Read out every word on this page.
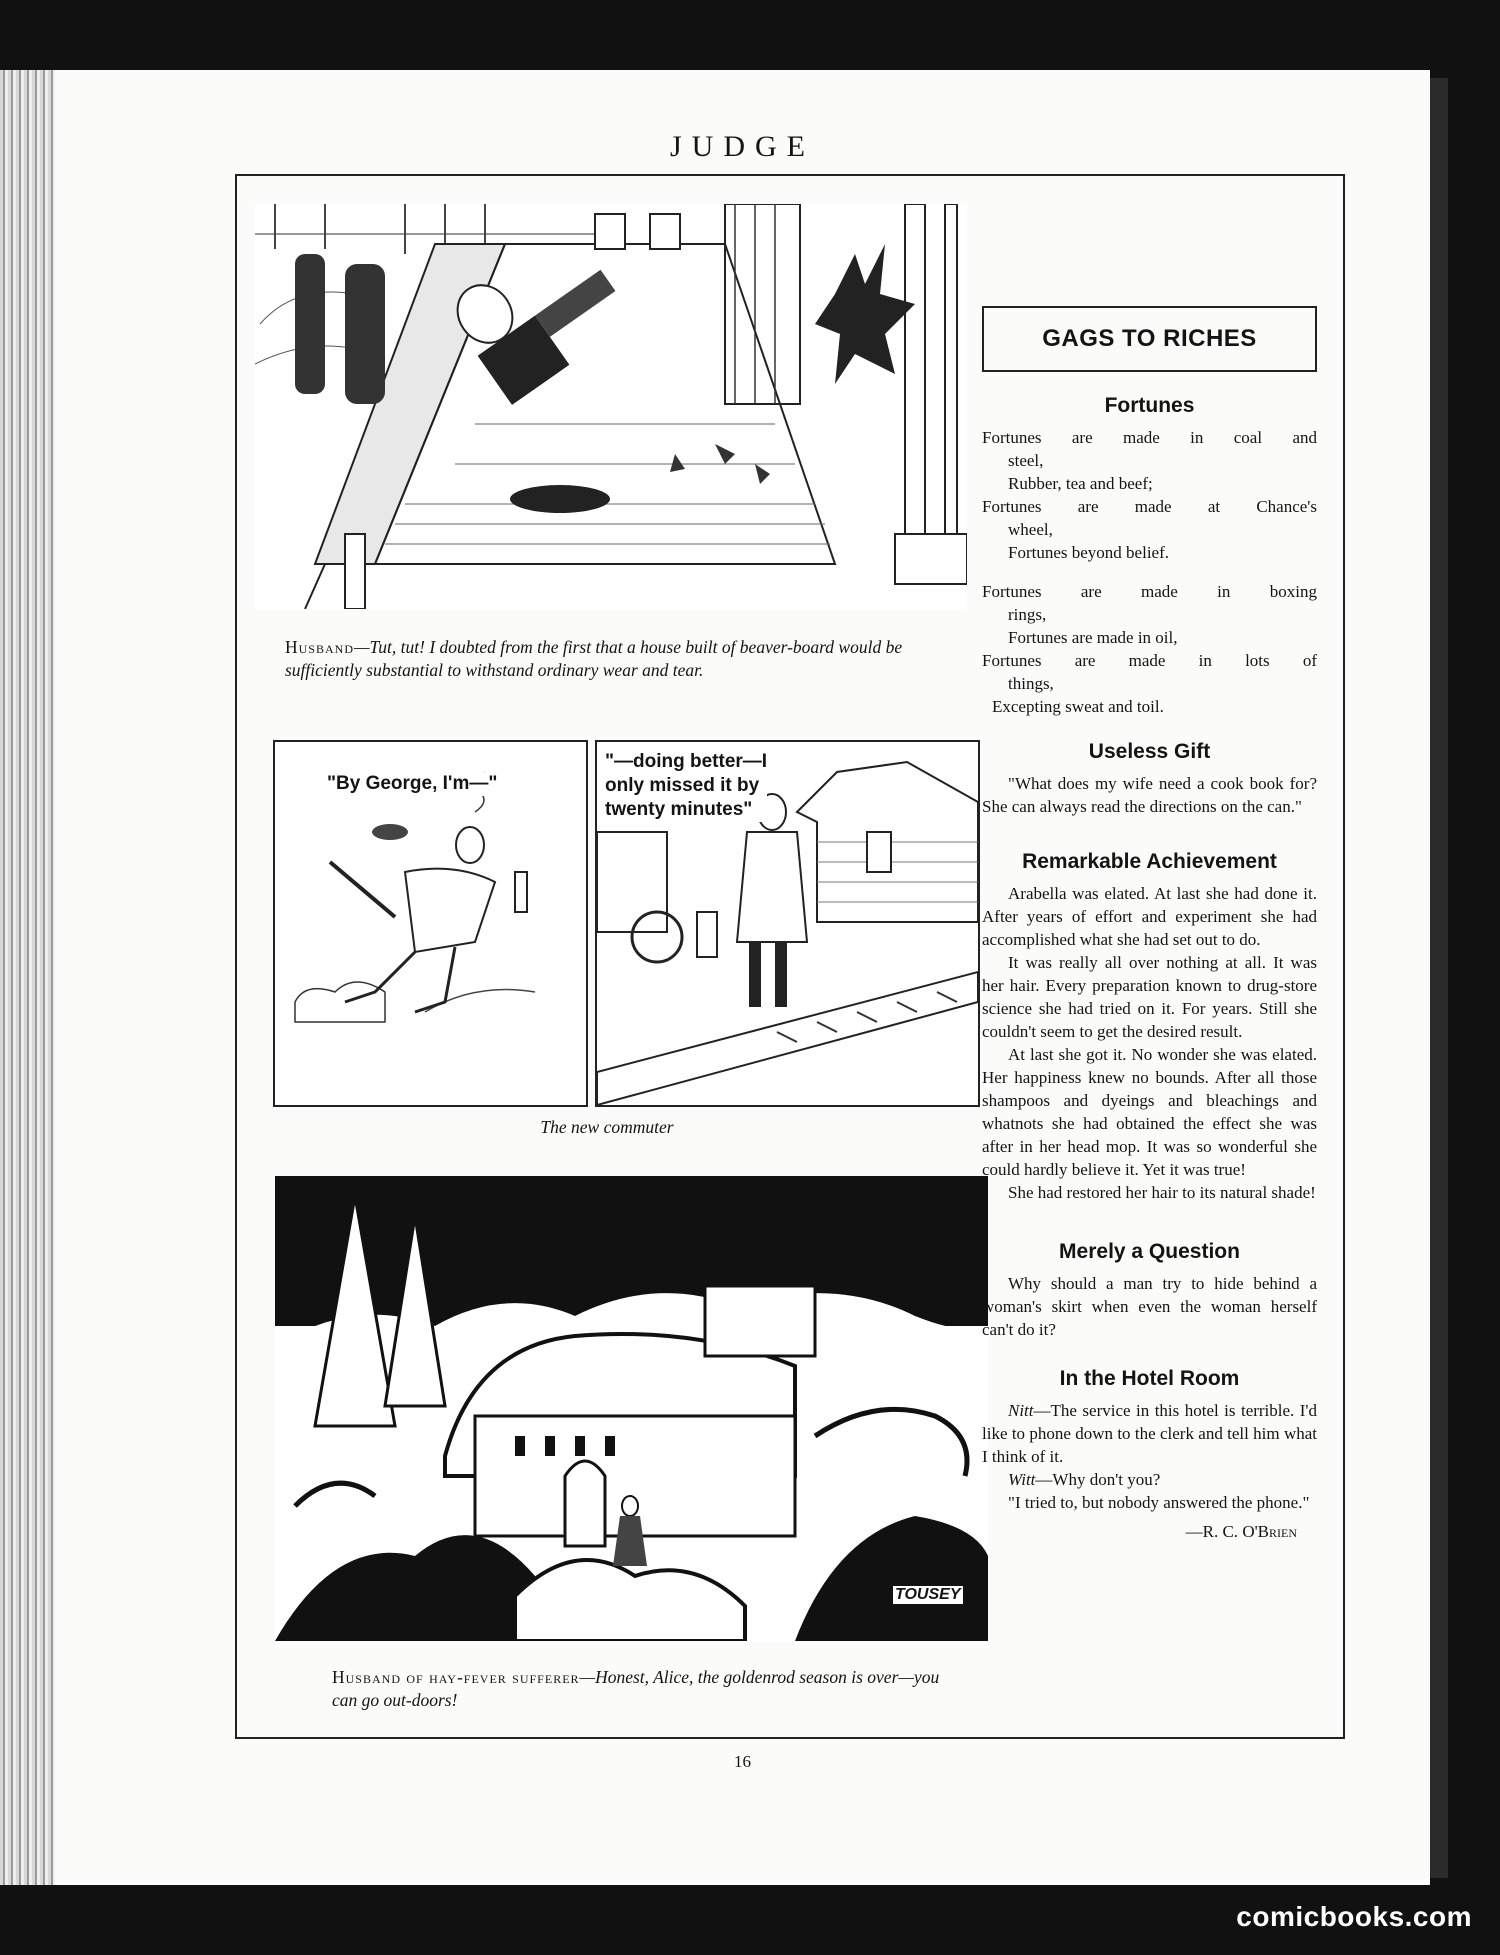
JUDGE
Husband—Tut, tut! I doubted from the first that a house built of beaver-board would be sufficiently substantial to withstand ordinary wear and tear.
"By George, I'm—"
"—doing better—I
only missed it by
twenty minutes"
The new commuter
TOUSEY
Husband of hay-fever sufferer—Honest, Alice, the goldenrod season is over—you can go out-doors!
GAGS TO RICHES
Fortunes
Fortunes are made in coal and
steel,
Rubber, tea and beef;
Fortunes are made at Chance's
wheel,
Fortunes beyond belief.
Fortunes are made in boxing
rings,
Fortunes are made in oil,
Fortunes are made in lots of
things,
Excepting sweat and toil.
Useless Gift

"What does my wife need a cook book for? She can always read the directions on the can."

Remarkable Achievement

Arabella was elated. At last she had done it. After years of effort and experiment she had accomplished what she had set out to do.

It was really all over nothing at all. It was her hair. Every preparation known to drug-store science she had tried on it. For years. Still she couldn't seem to get the desired result.

At last she got it. No wonder she was elated. Her happiness knew no bounds. After all those shampoos and dyeings and bleachings and whatnots she had obtained the effect she was after in her head mop. It was so wonderful she could hardly believe it. Yet it was true!

She had restored her hair to its natural shade!

Merely a Question

Why should a man try to hide behind a woman's skirt when even the woman herself can't do it?

In the Hotel Room

Nitt—The service in this hotel is terrible. I'd like to phone down to the clerk and tell him what I think of it.

Witt—Why don't you?

"I tried to, but nobody answered the phone."

—R. C. O'Brien
16
comicbooks.com
